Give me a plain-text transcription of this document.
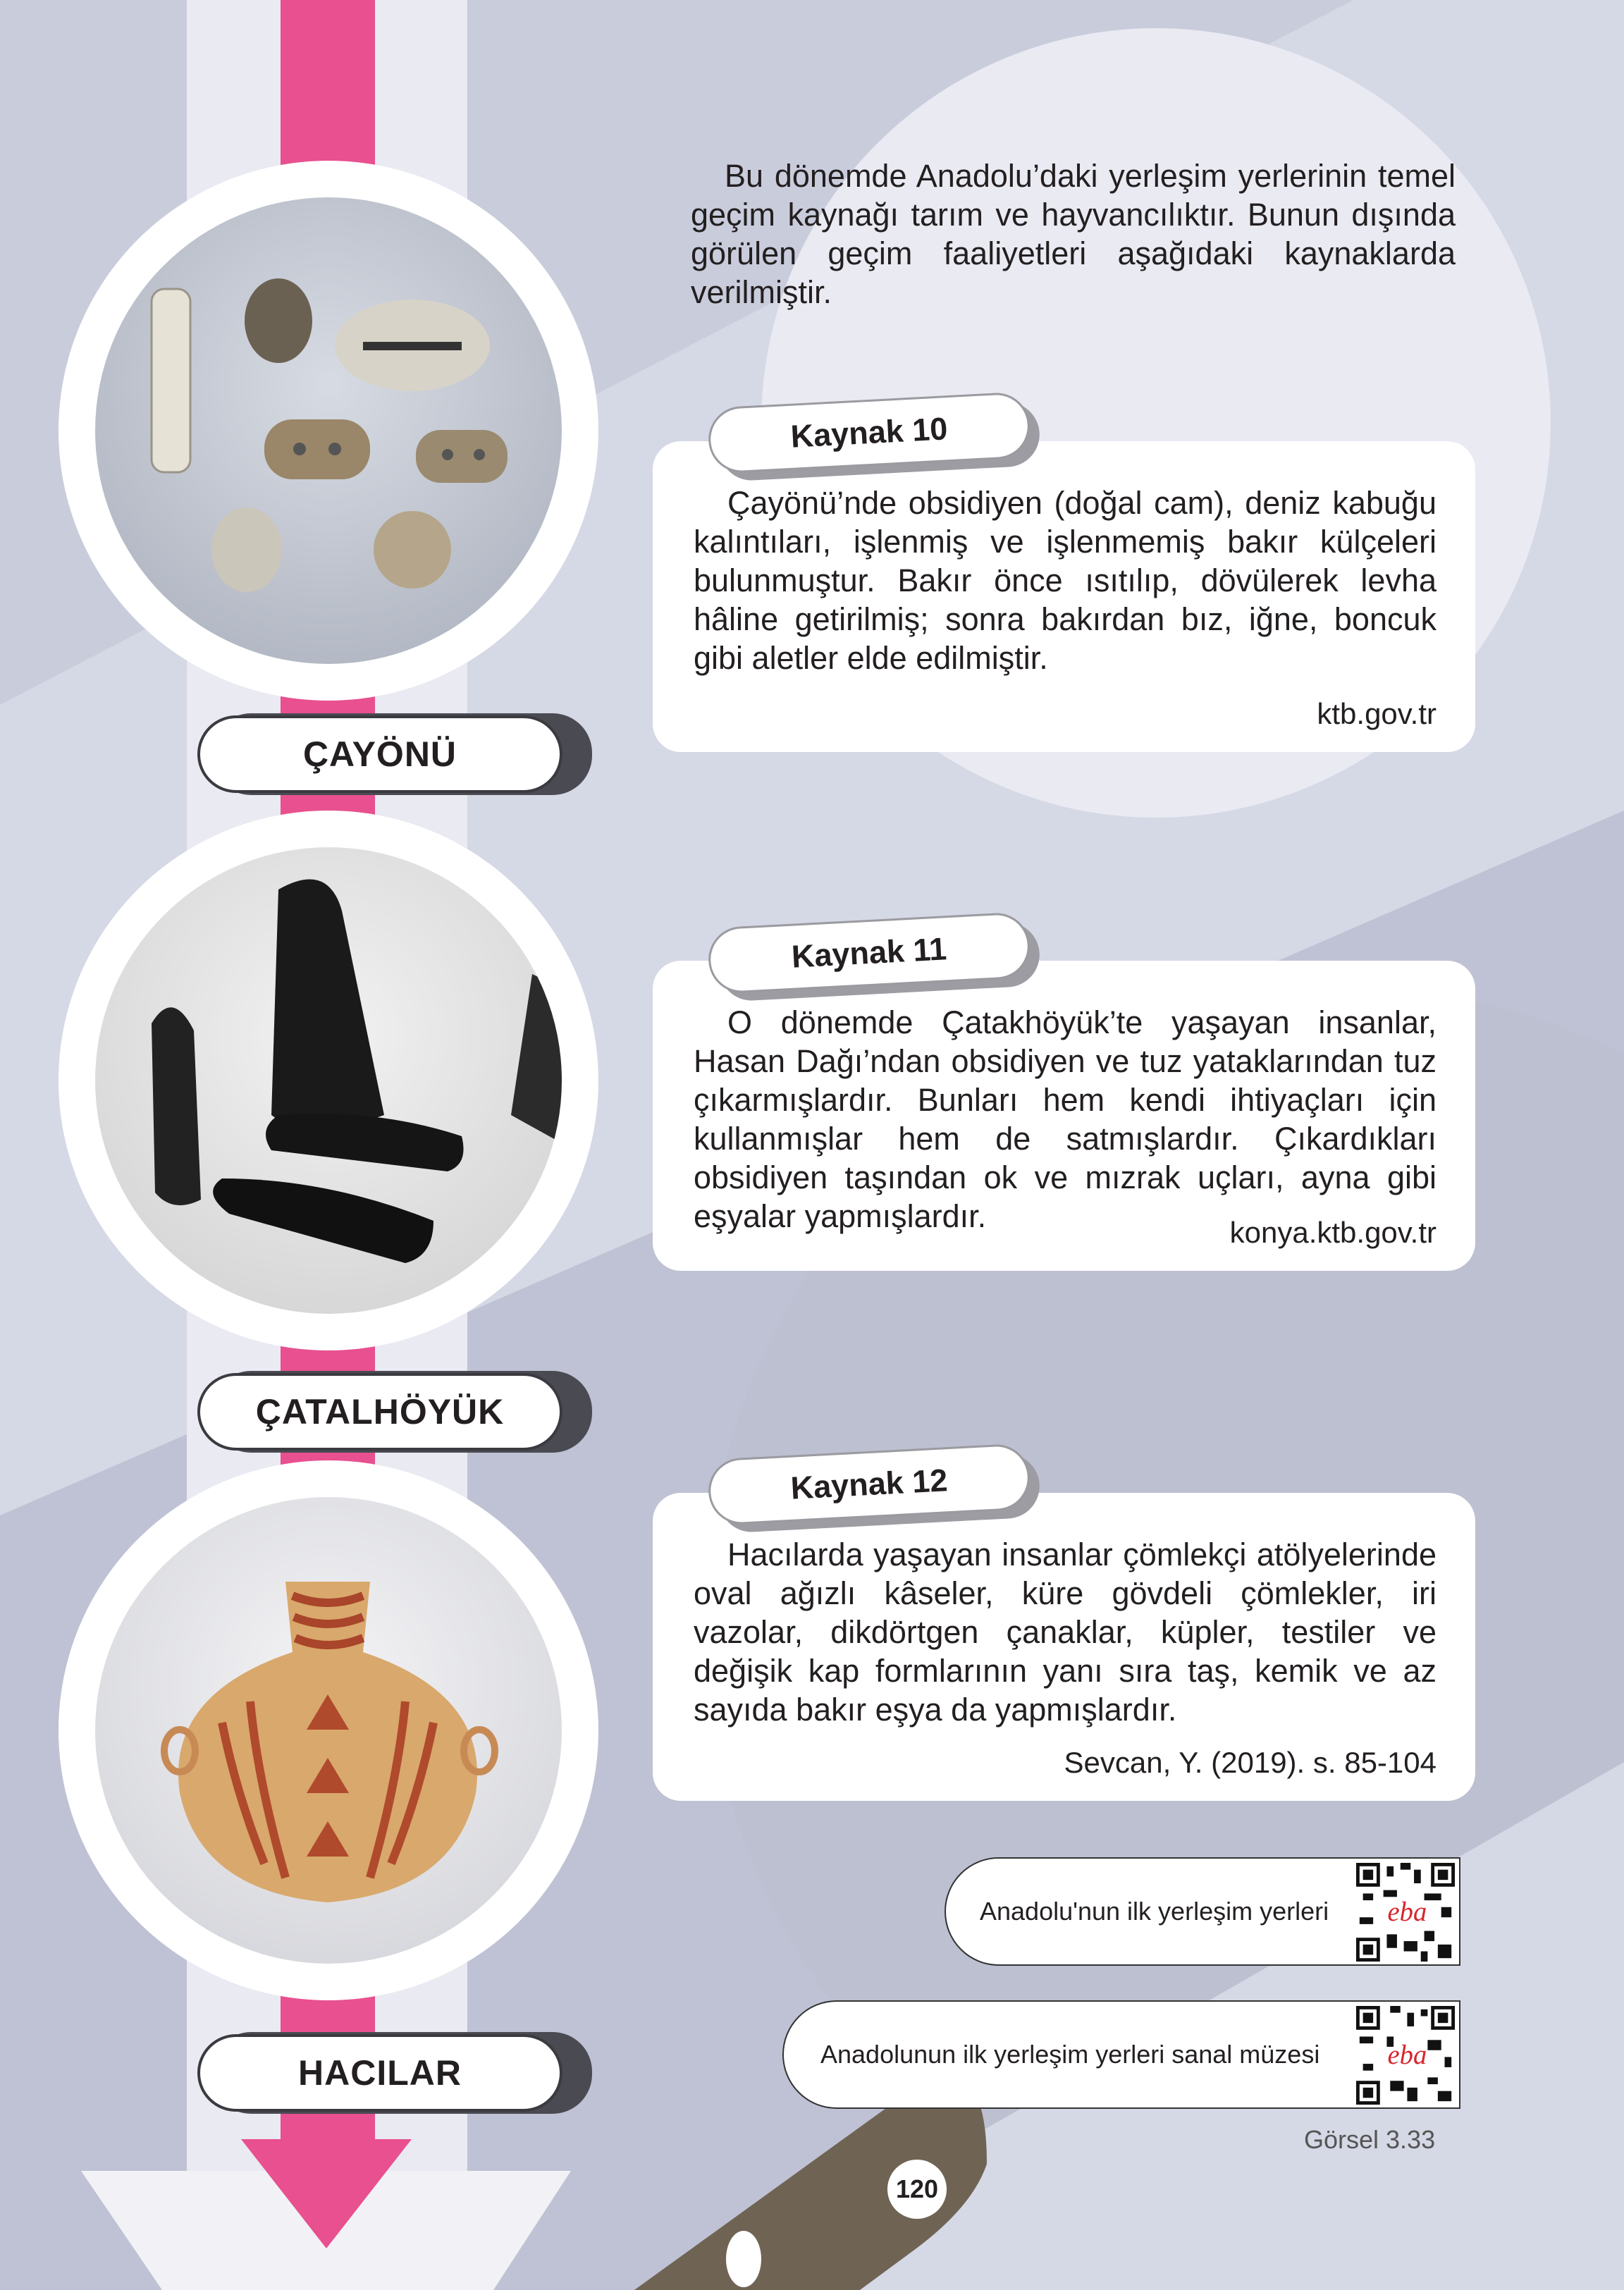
Bu dönemde Anadolu’daki yerleşim yerlerinin temel geçim kaynağı tarım ve hayvancılıktır. Bunun dışında görülen geçim faaliyetleri aşağıdaki kaynaklarda verilmiştir.
Çayönü’nde obsidiyen (doğal cam), deniz kabuğu kalıntıları, işlenmiş ve işlenmemiş bakır külçeleri bulunmuştur. Bakır önce ısıtılıp, dövülerek levha hâline getirilmiş; sonra bakırdan bız, iğne, boncuk gibi aletler elde edilmiştir.
ktb.gov.tr
Kaynak 10
O dönemde Çatakhöyük’te yaşayan insanlar, Hasan Dağı’ndan obsidiyen ve tuz yataklarından tuz çıkarmışlardır. Bunları hem kendi ihtiyaçları için kullanmışlar hem de satmışlardır. Çıkardıkları obsidiyen taşından ok ve mızrak uçları, ayna gibi eşyalar yapmışlardır.	konya.ktb.gov.tr
Kaynak 11
Hacılarda yaşayan insanlar çömlekçi atölyelerinde oval ağızlı kâseler, küre gövdeli çömlekler, iri vazolar, dikdörtgen çanaklar, küpler, testiler ve değişik kap formlarının yanı sıra taş, kemik ve az sayıda bakır eşya da yapmışlardır.
Sevcan, Y. (2019). s. 85-104
Kaynak 12
ÇAYÖNÜ
ÇATALHÖYÜK
HACILAR
Anadolu'nun ilk yerleşim yerleri	eba
Anadolunun ilk yerleşim yerleri sanal müzesi	eba
Görsel 3.33
120
